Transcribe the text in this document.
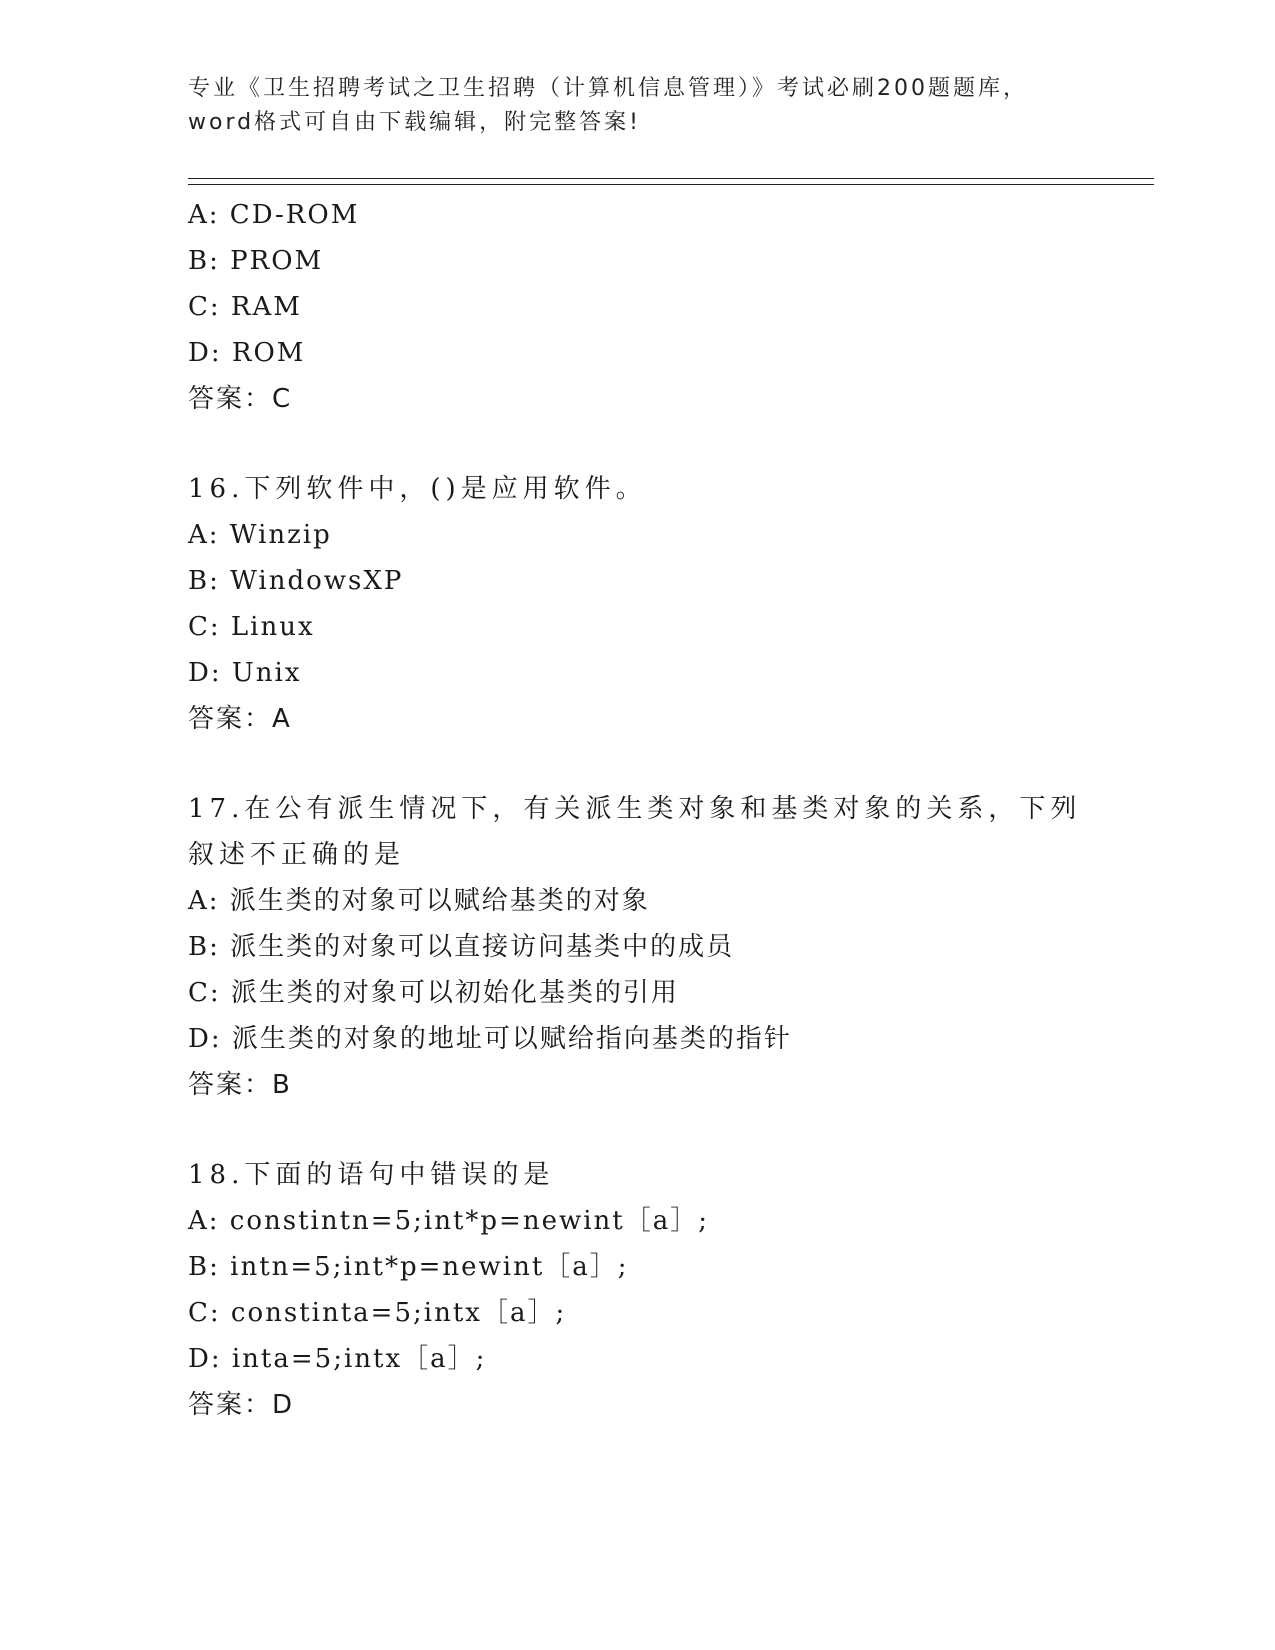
专业《卫生招聘考试之卫生招聘（计算机信息管理）》考试必刷200题题库，word格式可自由下载编辑，附完整答案!
A: CD-ROM
B: PROM
C: RAM
D: ROM
答案：C
16.下列软件中，()是应用软件。
A: Winzip
B: WindowsXP
C: Linux
D: Unix
答案：A
17.在公有派生情况下，有关派生类对象和基类对象的关系，下列叙述不正确的是
A: 派生类的对象可以赋给基类的对象
B: 派生类的对象可以直接访问基类中的成员
C: 派生类的对象可以初始化基类的引用
D: 派生类的对象的地址可以赋给指向基类的指针
答案：B
18.下面的语句中错误的是
A: constintn=5;int*p=newint［a］;
B: intn=5;int*p=newint［a］;
C: constinta=5;intx［a］;
D: inta=5;intx［a］;
答案：D
